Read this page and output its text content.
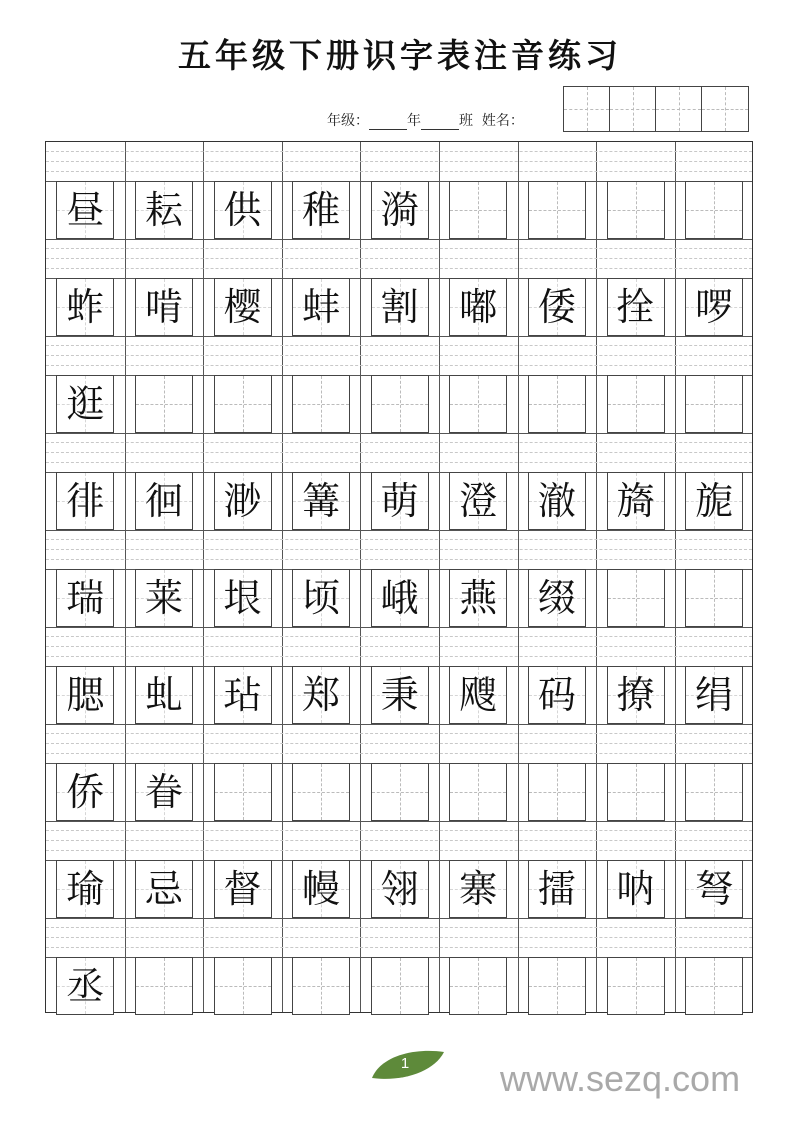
五年级下册识字表注音练习
年级：	年	班 姓名：
昼 耘 供 稚 漪
蚱 啃 樱 蚌 割 嘟 倭 拴 啰
逛
徘 徊 渺 篝 萌 澄 澈 旖 旎
瑞 莱 垠 顷 峨 燕 缀
腮 虬 玷 郑 秉 飕 码 撩 绢
侨 眷
瑜 忌 督 幔 翎 寨 擂 呐 弩
丞
1	www.sezq.com
